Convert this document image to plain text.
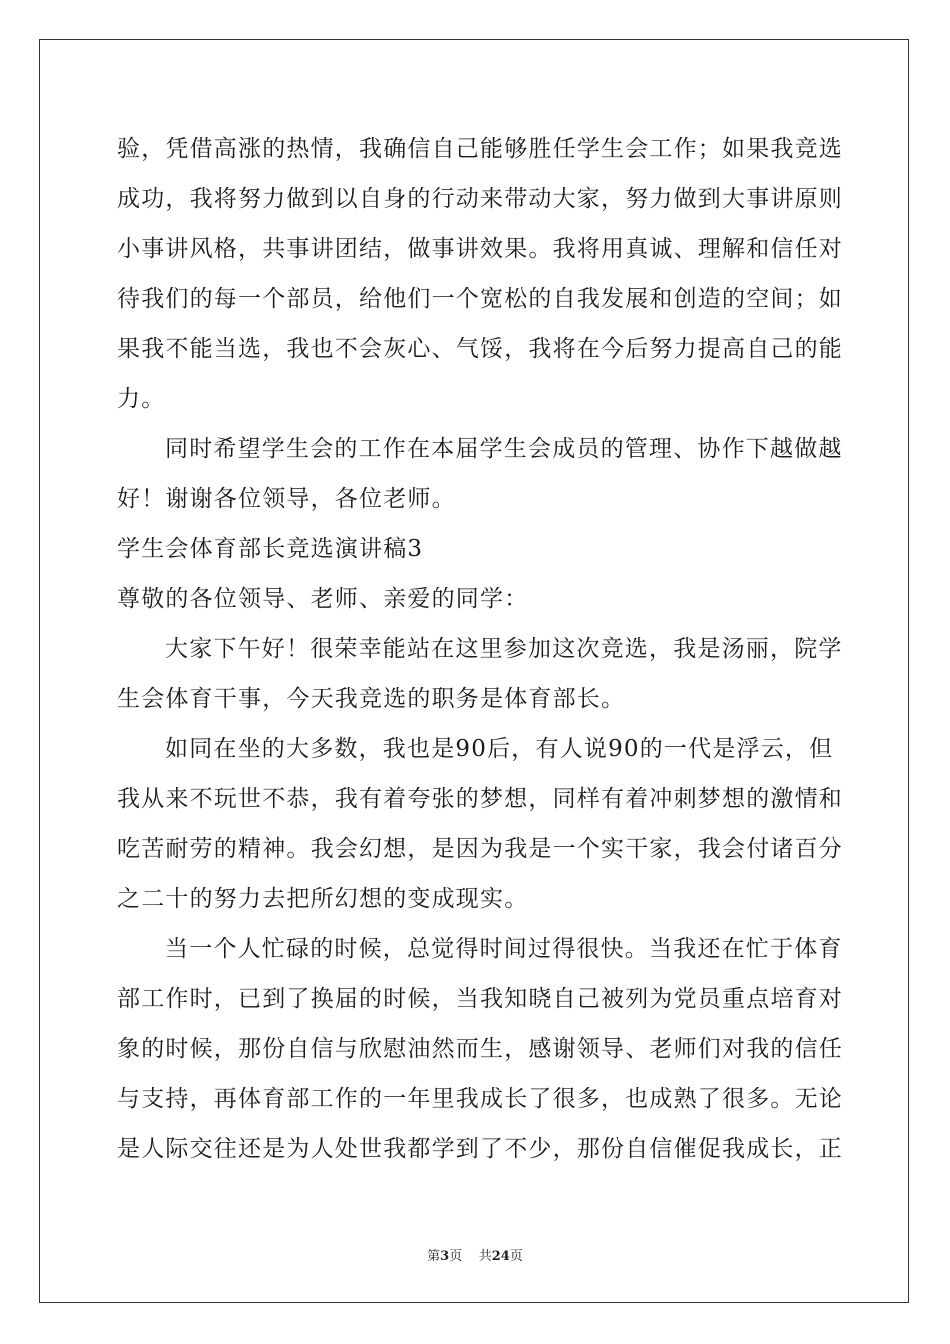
验，凭借高涨的热情，我确信自己能够胜任学生会工作；如果我竞选
成功，我将努力做到以自身的行动来带动大家，努力做到大事讲原则
小事讲风格，共事讲团结，做事讲效果。我将用真诚、理解和信任对
待我们的每一个部员，给他们一个宽松的自我发展和创造的空间；如
果我不能当选，我也不会灰心、气馁，我将在今后努力提高自己的能
力。
同时希望学生会的工作在本届学生会成员的管理、协作下越做越
好！谢谢各位领导，各位老师。
学生会体育部长竞选演讲稿3
尊敬的各位领导、老师、亲爱的同学：
大家下午好！很荣幸能站在这里参加这次竞选，我是汤丽，院学
生会体育干事，今天我竞选的职务是体育部长。
如同在坐的大多数，我也是90后，有人说90的一代是浮云，但
我从来不玩世不恭，我有着夸张的梦想，同样有着冲刺梦想的激情和
吃苦耐劳的精神。我会幻想，是因为我是一个实干家，我会付诸百分
之二十的努力去把所幻想的变成现实。
当一个人忙碌的时候，总觉得时间过得很快。当我还在忙于体育
部工作时，已到了换届的时候，当我知晓自己被列为党员重点培育对
象的时候，那份自信与欣慰油然而生，感谢领导、老师们对我的信任
与支持，再体育部工作的一年里我成长了很多，也成熟了很多。无论
是人际交往还是为人处世我都学到了不少，那份自信催促我成长，正
第3页 共24页
